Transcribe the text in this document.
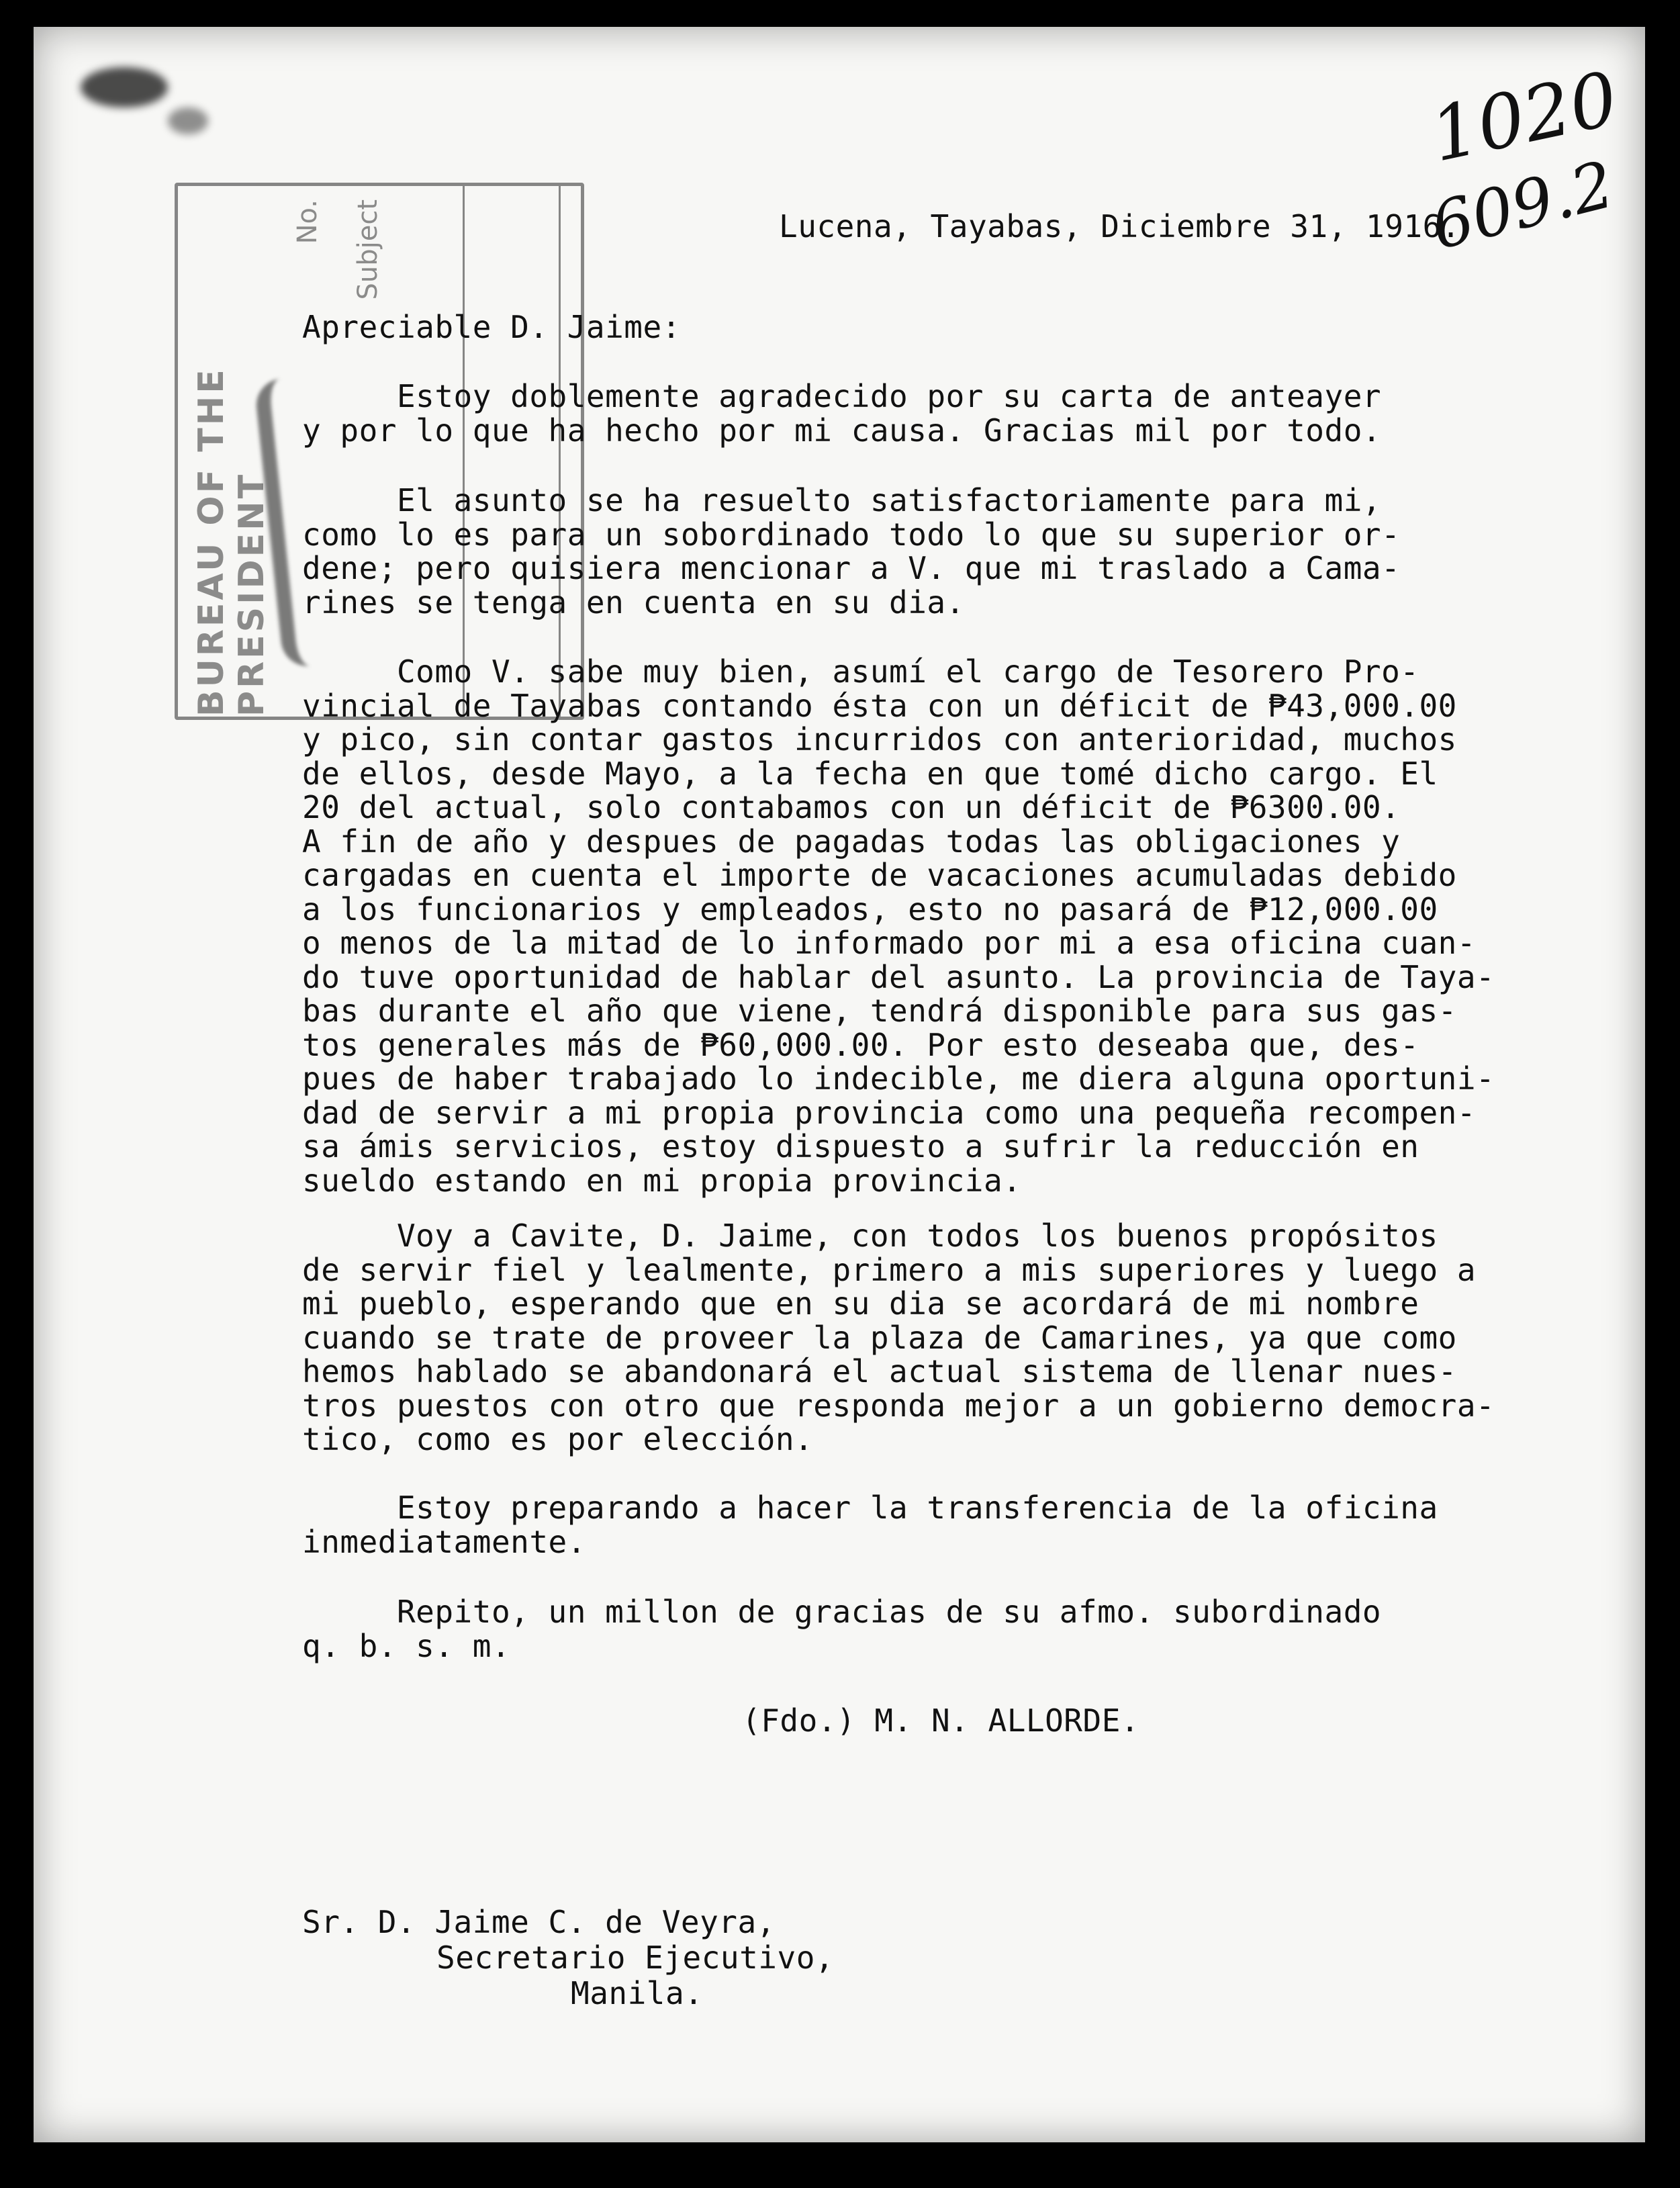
BUREAU OF THE PRESIDENT
No. Subject
1020
609.2
Lucena, Tayabas, Diciembre 31, 1916.
Apreciable D. Jaime:
Estoy doblemente agradecido por su carta de anteayer
y por lo que ha hecho por mi causa. Gracias mil por todo.
El asunto se ha resuelto satisfactoriamente para mi,
como lo es para un sobordinado todo lo que su superior or-
dene; pero quisiera mencionar a V. que mi traslado a Cama-
rines se tenga en cuenta en su dia.
Como V. sabe muy bien, asumí el cargo de Tesorero Pro-
vincial de Tayabas contando ésta con un déficit de ₱43,000.00
y pico, sin contar gastos incurridos con anterioridad, muchos
de ellos, desde Mayo, a la fecha en que tomé dicho cargo. El
20 del actual, solo contabamos con un déficit de ₱6300.00.
A fin de año y despues de pagadas todas las obligaciones y
cargadas en cuenta el importe de vacaciones acumuladas debido
a los funcionarios y empleados, esto no pasará de ₱12,000.00
o menos de la mitad de lo informado por mi a esa oficina cuan-
do tuve oportunidad de hablar del asunto. La provincia de Taya-
bas durante el año que viene, tendrá disponible para sus gas-
tos generales más de ₱60,000.00. Por esto deseaba que, des-
pues de haber trabajado lo indecible, me diera alguna oportuni-
dad de servir a mi propia provincia como una pequeña recompen-
sa ámis servicios, estoy dispuesto a sufrir la reducción en
sueldo estando en mi propia provincia.
Voy a Cavite, D. Jaime, con todos los buenos propósitos
de servir fiel y lealmente, primero a mis superiores y luego a
mi pueblo, esperando que en su dia se acordará de mi nombre
cuando se trate de proveer la plaza de Camarines, ya que como
hemos hablado se abandonará el actual sistema de llenar nues-
tros puestos con otro que responda mejor a un gobierno democra-
tico, como es por elección.
Estoy preparando a hacer la transferencia de la oficina
inmediatamente.
Repito, un millon de gracias de su afmo. subordinado
q. b. s. m.
(Fdo.) M. N. ALLORDE.
Sr. D. Jaime C. de Veyra,
Secretario Ejecutivo,
Manila.
